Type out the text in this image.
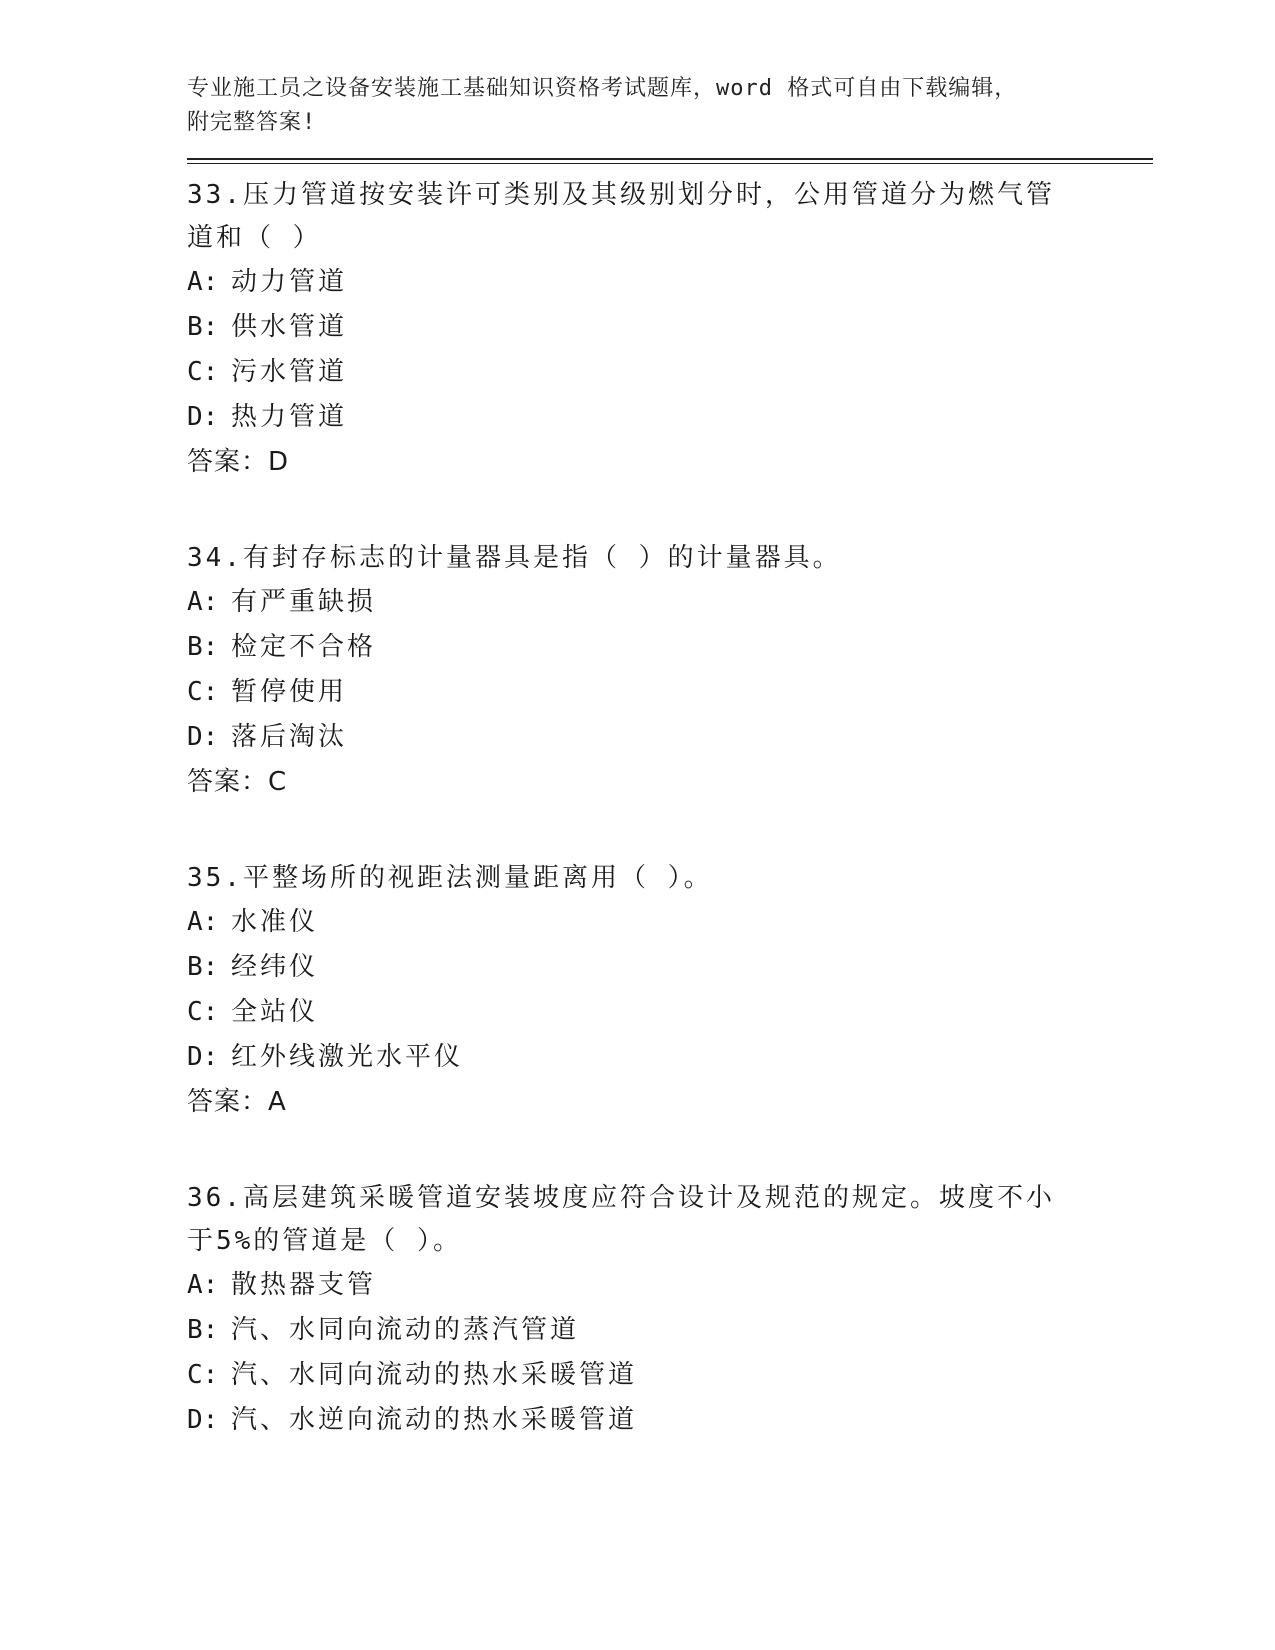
专业施工员之设备安装施工基础知识资格考试题库，word 格式可自由下载编辑，
附完整答案!

33.压力管道按安装许可类别及其级别划分时，公用管道分为燃气管道和（ ）

A: 动力管道

B: 供水管道

C: 污水管道

D: 热力管道

答案：D

34.有封存标志的计量器具是指（ ）的计量器具。

A: 有严重缺损

B: 检定不合格

C: 暂停使用

D: 落后淘汰

答案：C

35.平整场所的视距法测量距离用（ ）。

A: 水准仪

B: 经纬仪

C: 全站仪

D: 红外线激光水平仪

答案：A

36.高层建筑采暖管道安装坡度应符合设计及规范的规定。坡度不小于5%的管道是（ ）。

A: 散热器支管

B: 汽、水同向流动的蒸汽管道

C: 汽、水同向流动的热水采暖管道

D: 汽、水逆向流动的热水采暖管道
